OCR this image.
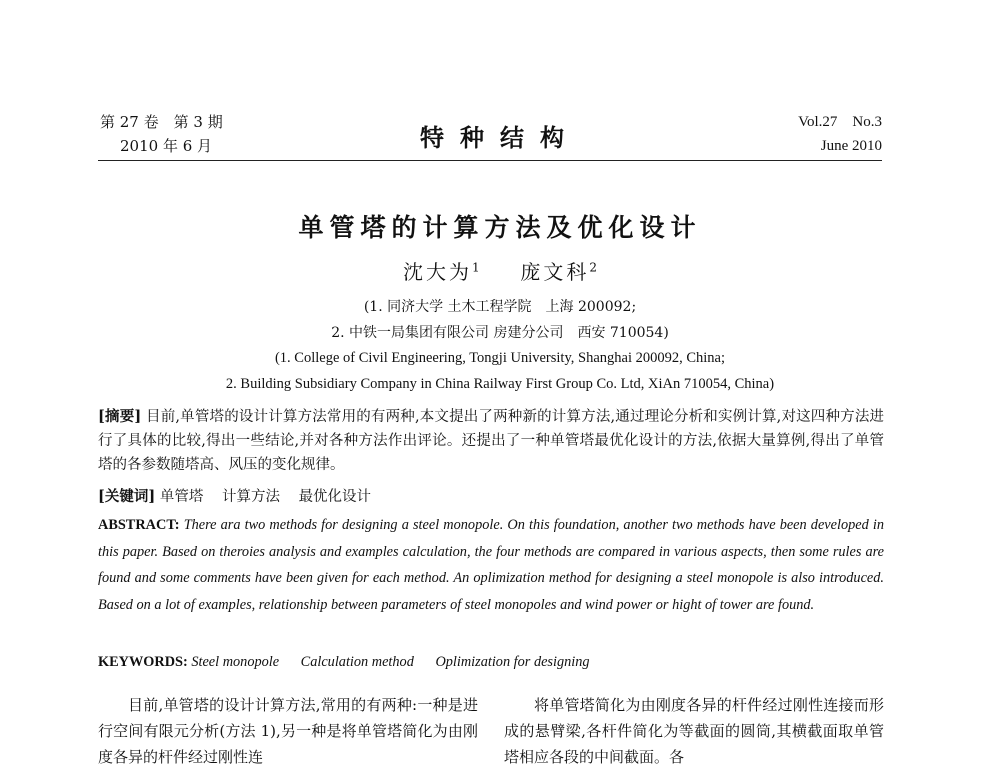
第 27 卷　第 3 期
2010 年 6 月	特种结构
Vol.27　No.3
June 2010
单管塔的计算方法及优化设计
沈大为$^1$ 庞文科$^2$
(1. 同济大学 土木工程学院　上海 200092;
2. 中铁一局集团有限公司 房建分公司　西安 710054)
(1. College of Civil Engineering, Tongji University, Shanghai 200092, China;
2. Building Subsidiary Company in China Railway First Group Co. Ltd, XiAn 710054, China)
[摘要] 目前,单管塔的设计计算方法常用的有两种,本文提出了两种新的计算方法,通过理论分析和实例计算,对这四种方法进行了具体的比较,得出一些结论,并对各种方法作出评论。还提出了一种单管塔最优化设计的方法,依据大量算例,得出了单管塔的各参数随塔高、风压的变化规律。
[关键词] 单管塔 计算方法 最优化设计
ABSTRACT: There ara two methods for designing a steel monopole. On this foundation, another two methods have been developed in this paper. Based on theroies analysis and examples calculation, the four methods are compared in various aspects, then some rules are found and some comments have been given for each method. An oplimization method for designing a steel monopole is also introduced. Based on a lot of examples, relationship between parameters of steel monopoles and wind power or hight of tower are found.
KEYWORDS: Steel monopole Calculation method Oplimization for designing

目前,单管塔的设计计算方法,常用的有两种:一种是进行空间有限元分析(方法 1),另一种是将单管塔简化为由刚度各异的杆件经过刚性连

将单管塔简化为由刚度各异的杆件经过刚性连接而形成的悬臂梁,各杆件简化为等截面的圆筒,其横截面取单管塔相应各段的中间截面。各
